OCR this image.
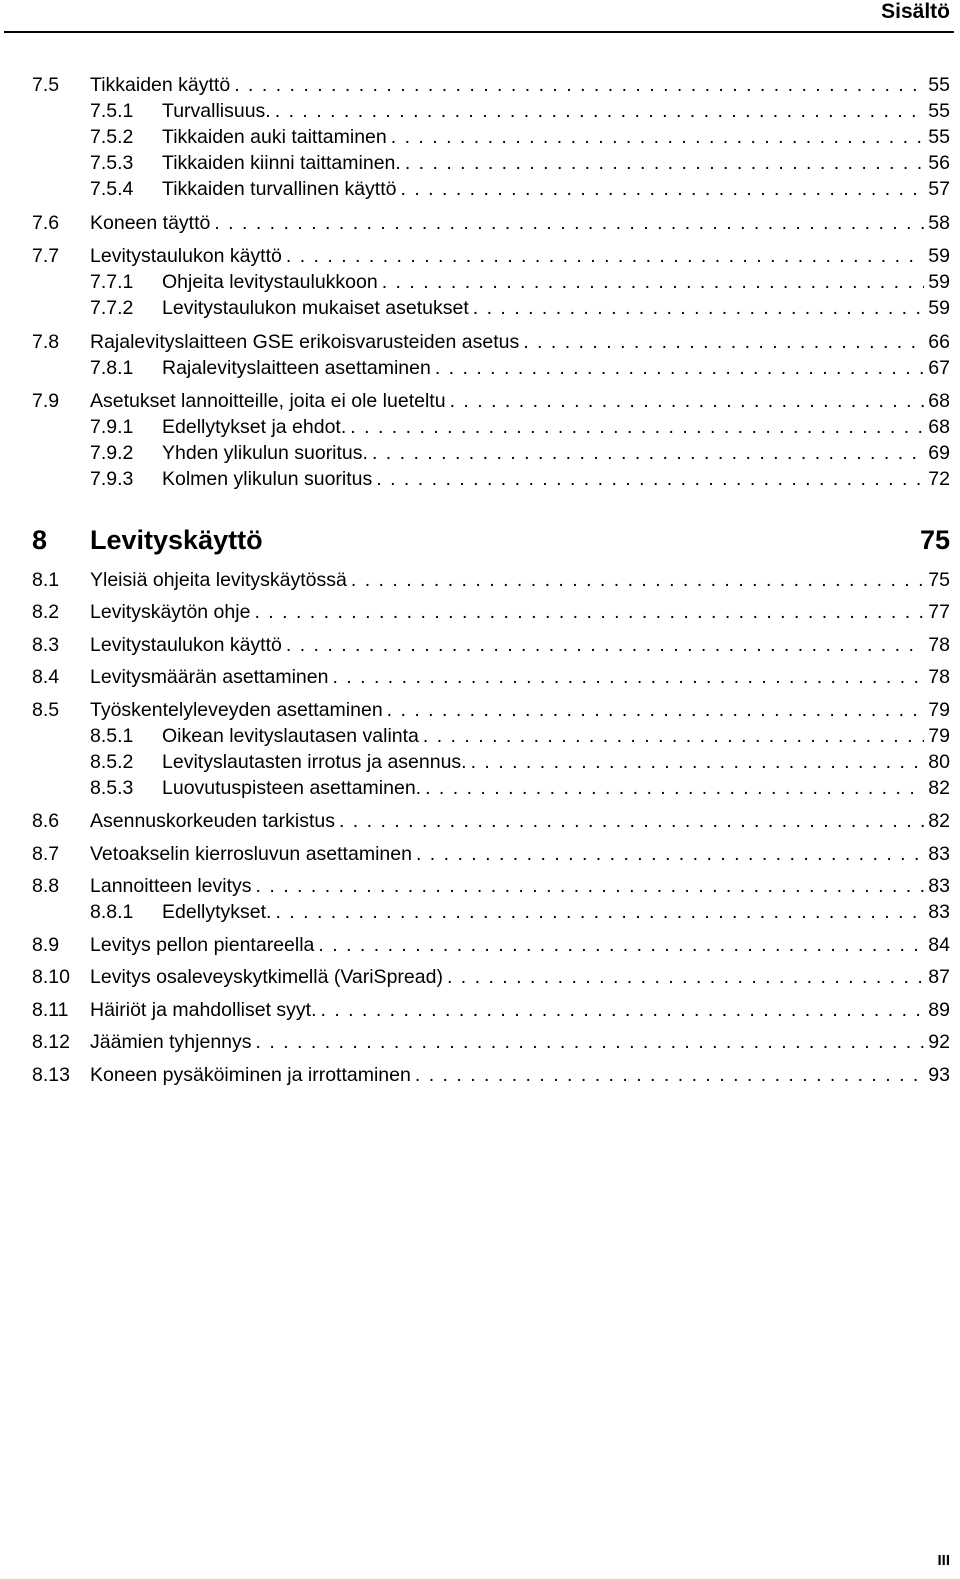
Sisältö
7.5	Tikkaiden käyttö . . .	55
7.5.1	Turvallisuus. . . .	55
7.5.2	Tikkaiden auki taittaminen . . .	55
7.5.3	Tikkaiden kiinni taittaminen. . . .	56
7.5.4	Tikkaiden turvallinen käyttö . . .	57
7.6	Koneen täyttö . . .	58
7.7	Levitystaulukon käyttö . . .	59
7.7.1	Ohjeita levitystaulukkoon . . .	59
7.7.2	Levitystaulukon mukaiset asetukset . . .	59
7.8	Rajalevityslaitteen GSE erikoisvarusteiden asetus . . .	66
7.8.1	Rajalevityslaitteen asettaminen . . .	67
7.9	Asetukset lannoitteille, joita ei ole lueteltu . . .	68
7.9.1	Edellytykset ja ehdot. . . .	68
7.9.2	Yhden ylikulun suoritus. . . .	69
7.9.3	Kolmen ylikulun suoritus . . .	72
8	Levityskäyttö	75
8.1	Yleisiä ohjeita levityskäytössä . . .	75
8.2	Levityskäytön ohje . . .	77
8.3	Levitystaulukon käyttö . . .	78
8.4	Levitysmäärän asettaminen . . .	78
8.5	Työskentelyleveyden asettaminen . . .	79
8.5.1	Oikean levityslautasen valinta . . .	79
8.5.2	Levityslautasten irrotus ja asennus. . . .	80
8.5.3	Luovutuspisteen asettaminen. . . .	82
8.6	Asennuskorkeuden tarkistus . . .	82
8.7	Vetoakselin kierrosluvun asettaminen . . .	83
8.8	Lannoitteen levitys . . .	83
8.8.1	Edellytykset. . . .	83
8.9	Levitys pellon pientareella . . .	84
8.10	Levitys osaleveyskytkimellä (VariSpread) . . .	87
8.11	Häiriöt ja mahdolliset syyt. . . .	89
8.12	Jäämien tyhjennys . . .	92
8.13	Koneen pysäköiminen ja irrottaminen . . .	93
III
